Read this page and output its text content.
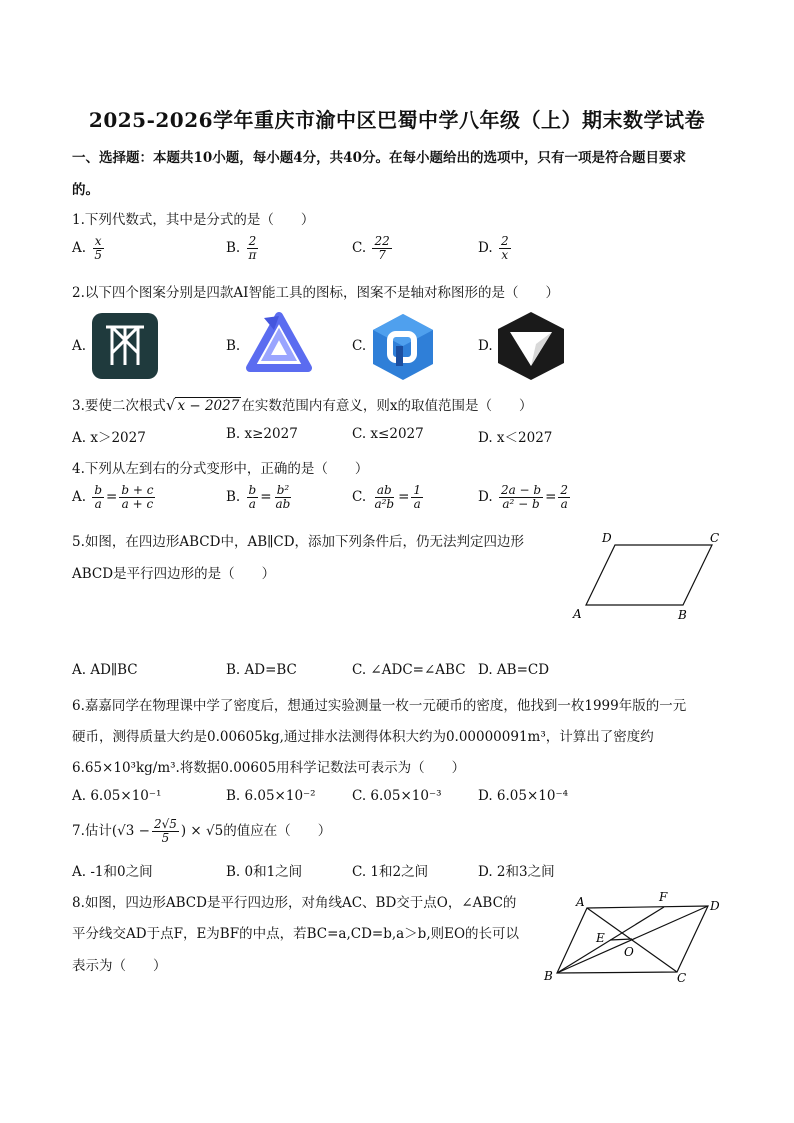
2025-2026学年重庆市渝中区巴蜀中学八年级（上）期末数学试卷
一、选择题：本题共10小题，每小题4分，共40分。在每小题给出的选项中，只有一项是符合题目要求
的。
1.下列代数式，其中是分式的是（　　）
A. $\frac{x}{5}$	B. $\frac{2}{\pi}$	C. $\frac{22}{7}$	D. $\frac{2}{x}$
2.以下四个图案分别是四款AI智能工具的图标，图案不是轴对称图形的是（　　）
A.	B.	C.	D.
3.要使二次根式√ x − 2027 在实数范围内有意义，则x的取值范围是（　　）
A. x＞2027	B. x≥2027	C. x≤2027	D. x＜2027
4.下列从左到右的分式变形中，正确的是（　　）
A. $\frac{b}{a} = \frac{b + c}{a + c}$	B. $\frac{b}{a} = \frac{\text{b²}}{ab}$	C. $\frac{ab}{\text{a²b}} = \frac{1}{a}$	D. $\frac{2a - b}{\text{a² − b}} = \frac{2}{a}$
5.如图，在四边形ABCD中，AB∥CD，添加下列条件后，仍无法判定四边形
ABCD是平行四边形的是（　　）
D	C
A	B
A. AD∥BC	B. AD=BC	C. ∠ADC=∠ABC D. AB=CD
6.嘉嘉同学在物理课中学了密度后，想通过实验测量一枚一元硬币的密度，他找到一枚1999年版的一元
硬币，测得质量大约是0.00605kg,通过排水法测得体积大约为0.00000091m³，计算出了密度约
6.65×10³kg/m³.将数据0.00605用科学记数法可表示为（　　）
A. 6.05×10⁻¹	B. 6.05×10⁻²	C. 6.05×10⁻³	D. 6.05×10⁻⁴
7.估计($√3 - \frac{2√5}{5}$ ) × √5的值应在（　　）
A. -1和0之间	B. 0和1之间	C. 1和2之间	D. 2和3之间
8.如图，四边形ABCD是平行四边形，对角线AC、BD交于点O，∠ABC的
平分线交AD于点F，E为BF的中点，若BC=a,CD=b,a＞b,则EO的长可以
表示为（　　）
A	F
D
E
O
B	C
